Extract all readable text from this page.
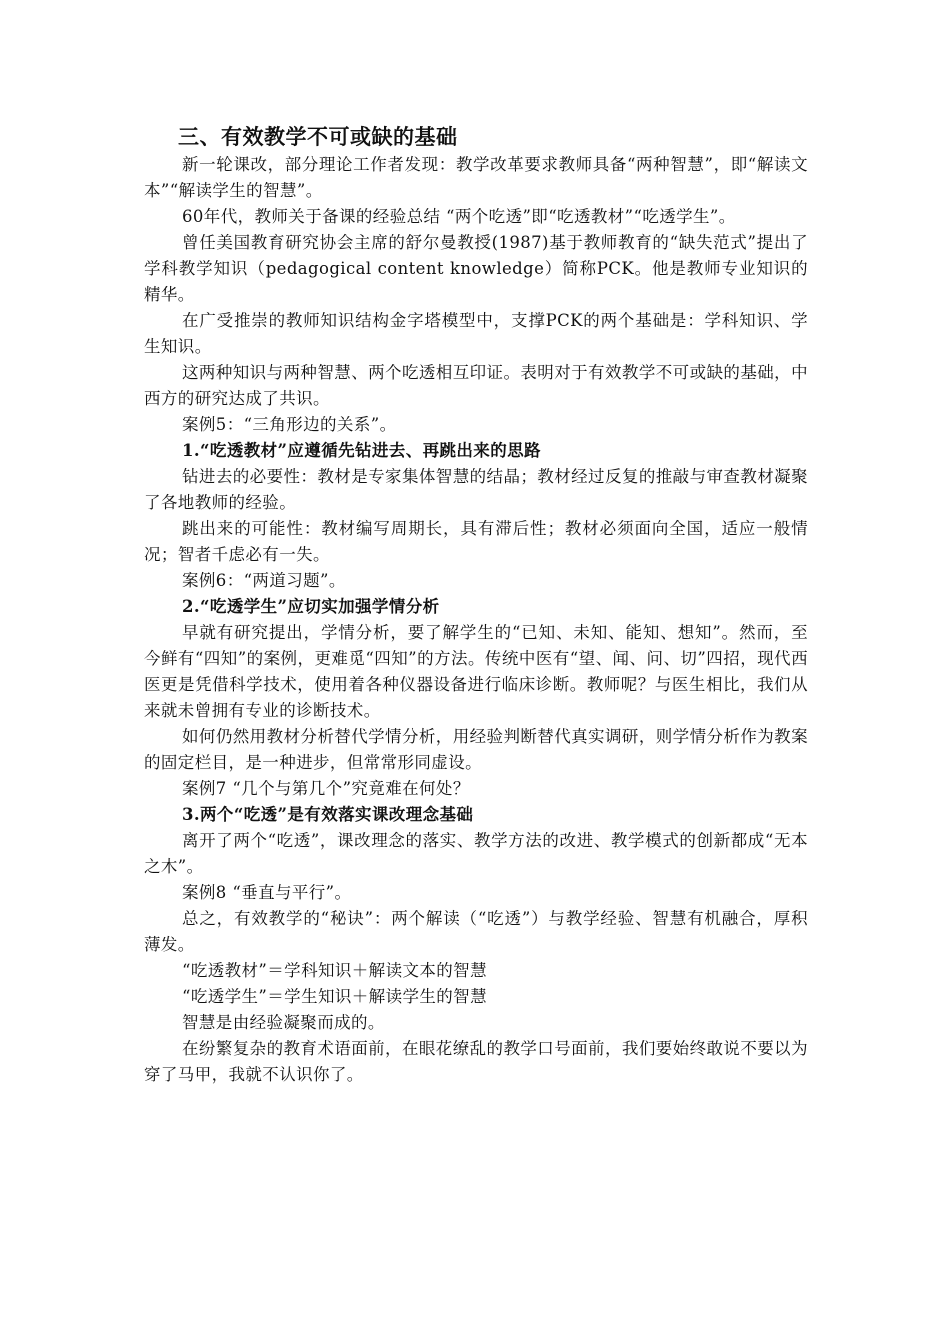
三、有效教学不可或缺的基础

新一轮课改，部分理论工作者发现：教学改革要求教师具备“两种智慧”，即“解读文本”“解读学生的智慧”。

60年代，教师关于备课的经验总结 “两个吃透”即“吃透教材”“吃透学生”。

曾任美国教育研究协会主席的舒尔曼教授(1987)基于教师教育的“缺失范式”提出了学科教学知识（pedagogical content knowledge）简称PCK。他是教师专业知识的精华。

在广受推崇的教师知识结构金字塔模型中，支撑PCK的两个基础是：学科知识、学生知识。

这两种知识与两种智慧、两个吃透相互印证。表明对于有效教学不可或缺的基础，中西方的研究达成了共识。

案例5：“三角形边的关系”。

1.“吃透教材”应遵循先钻进去、再跳出来的思路

钻进去的必要性：教材是专家集体智慧的结晶；教材经过反复的推敲与审查教材凝聚了各地教师的经验。

跳出来的可能性：教材编写周期长，具有滞后性；教材必须面向全国，适应一般情况；智者千虑必有一失。

案例6：“两道习题”。

2.“吃透学生”应切实加强学情分析

早就有研究提出，学情分析，要了解学生的“已知、未知、能知、想知”。然而，至今鲜有“四知”的案例，更难觅“四知”的方法。传统中医有“望、闻、问、切”四招，现代西医更是凭借科学技术，使用着各种仪器设备进行临床诊断。教师呢？与医生相比，我们从来就未曾拥有专业的诊断技术。

如何仍然用教材分析替代学情分析，用经验判断替代真实调研，则学情分析作为教案的固定栏目，是一种进步，但常常形同虚设。

案例7 “几个与第几个”究竟难在何处？

3.两个“吃透”是有效落实课改理念基础

离开了两个“吃透”，课改理念的落实、教学方法的改进、教学模式的创新都成“无本之木”。

案例8 “垂直与平行”。

总之，有效教学的“秘诀”：两个解读（“吃透”）与教学经验、智慧有机融合，厚积薄发。

“吃透教材”＝学科知识＋解读文本的智慧

“吃透学生”＝学生知识＋解读学生的智慧

智慧是由经验凝聚而成的。

在纷繁复杂的教育术语面前，在眼花缭乱的教学口号面前，我们要始终敢说不要以为穿了马甲，我就不认识你了。
